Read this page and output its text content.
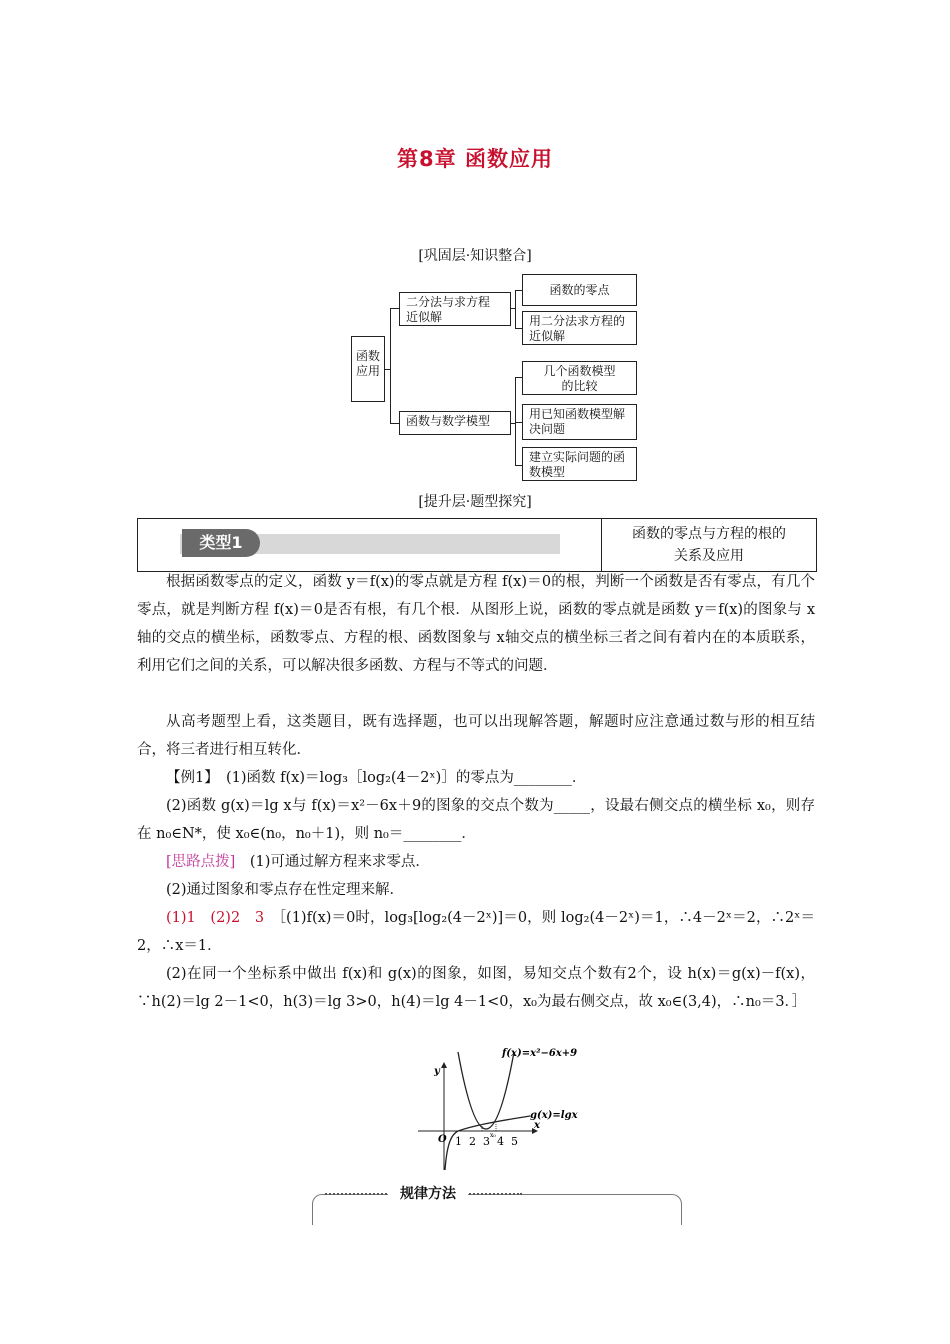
第8章 函数应用
[巩固层·知识整合]
函数
应用
二分法与求方程
近似解
函数与数学模型
函数的零点
用二分法求方程的
近似解
几个函数模型
的比较
用已知函数模型解
决问题
建立实际问题的函
数模型
[提升层·题型探究]
类型1	函数的零点与方程的根的
关系及应用
根据函数零点的定义，函数 y＝f(x)的零点就是方程 f(x)＝0的根，判断一个函数是否有零点，有几个零点，就是判断方程 f(x)＝0是否有根，有几个根．从图形上说，函数的零点就是函数 y＝f(x)的图象与 x轴的交点的横坐标，函数零点、方程的根、函数图象与 x轴交点的横坐标三者之间有着内在的本质联系，利用它们之间的关系，可以解决很多函数、方程与不等式的问题．
从高考题型上看，这类题目，既有选择题，也可以出现解答题，解题时应注意通过数与形的相互结合，将三者进行相互转化．
【例1】　 (1)函数 f(x)＝log₃［log₂(4－2ˣ)］的零点为________．
(2)函数 g(x)＝lg x与 f(x)＝x²－6x＋9的图象的交点个数为_____，设最右侧交点的横坐标 x₀，则存在 n₀∈N*，使 x₀∈(n₀，n₀＋1)，则 n₀＝________．
[思路点拨]　 (1)可通过解方程来求零点．
(2)通过图象和零点存在性定理来解．
(1)1　(2)2　3　 ［(1)f(x)＝0时，log₃[log₂(4－2ˣ)]＝0，则 log₂(4－2ˣ)＝1，∴4－2ˣ＝2，∴2ˣ＝2，∴x＝1．
(2)在同一个坐标系中做出 f(x)和 g(x)的图象，如图，易知交点个数有2个，设 h(x)＝g(x)－f(x)，∵h(2)＝lg 2－1<0，h(3)＝lg 3>0，h(4)＝lg 4－1<0，x₀为最右侧交点，故 x₀∈(3,4)，∴n₀＝3．］
O
y
x
1 2 3 4 5
x₀
f(x)=x²−6x+9
g(x)=lgx
规律方法
